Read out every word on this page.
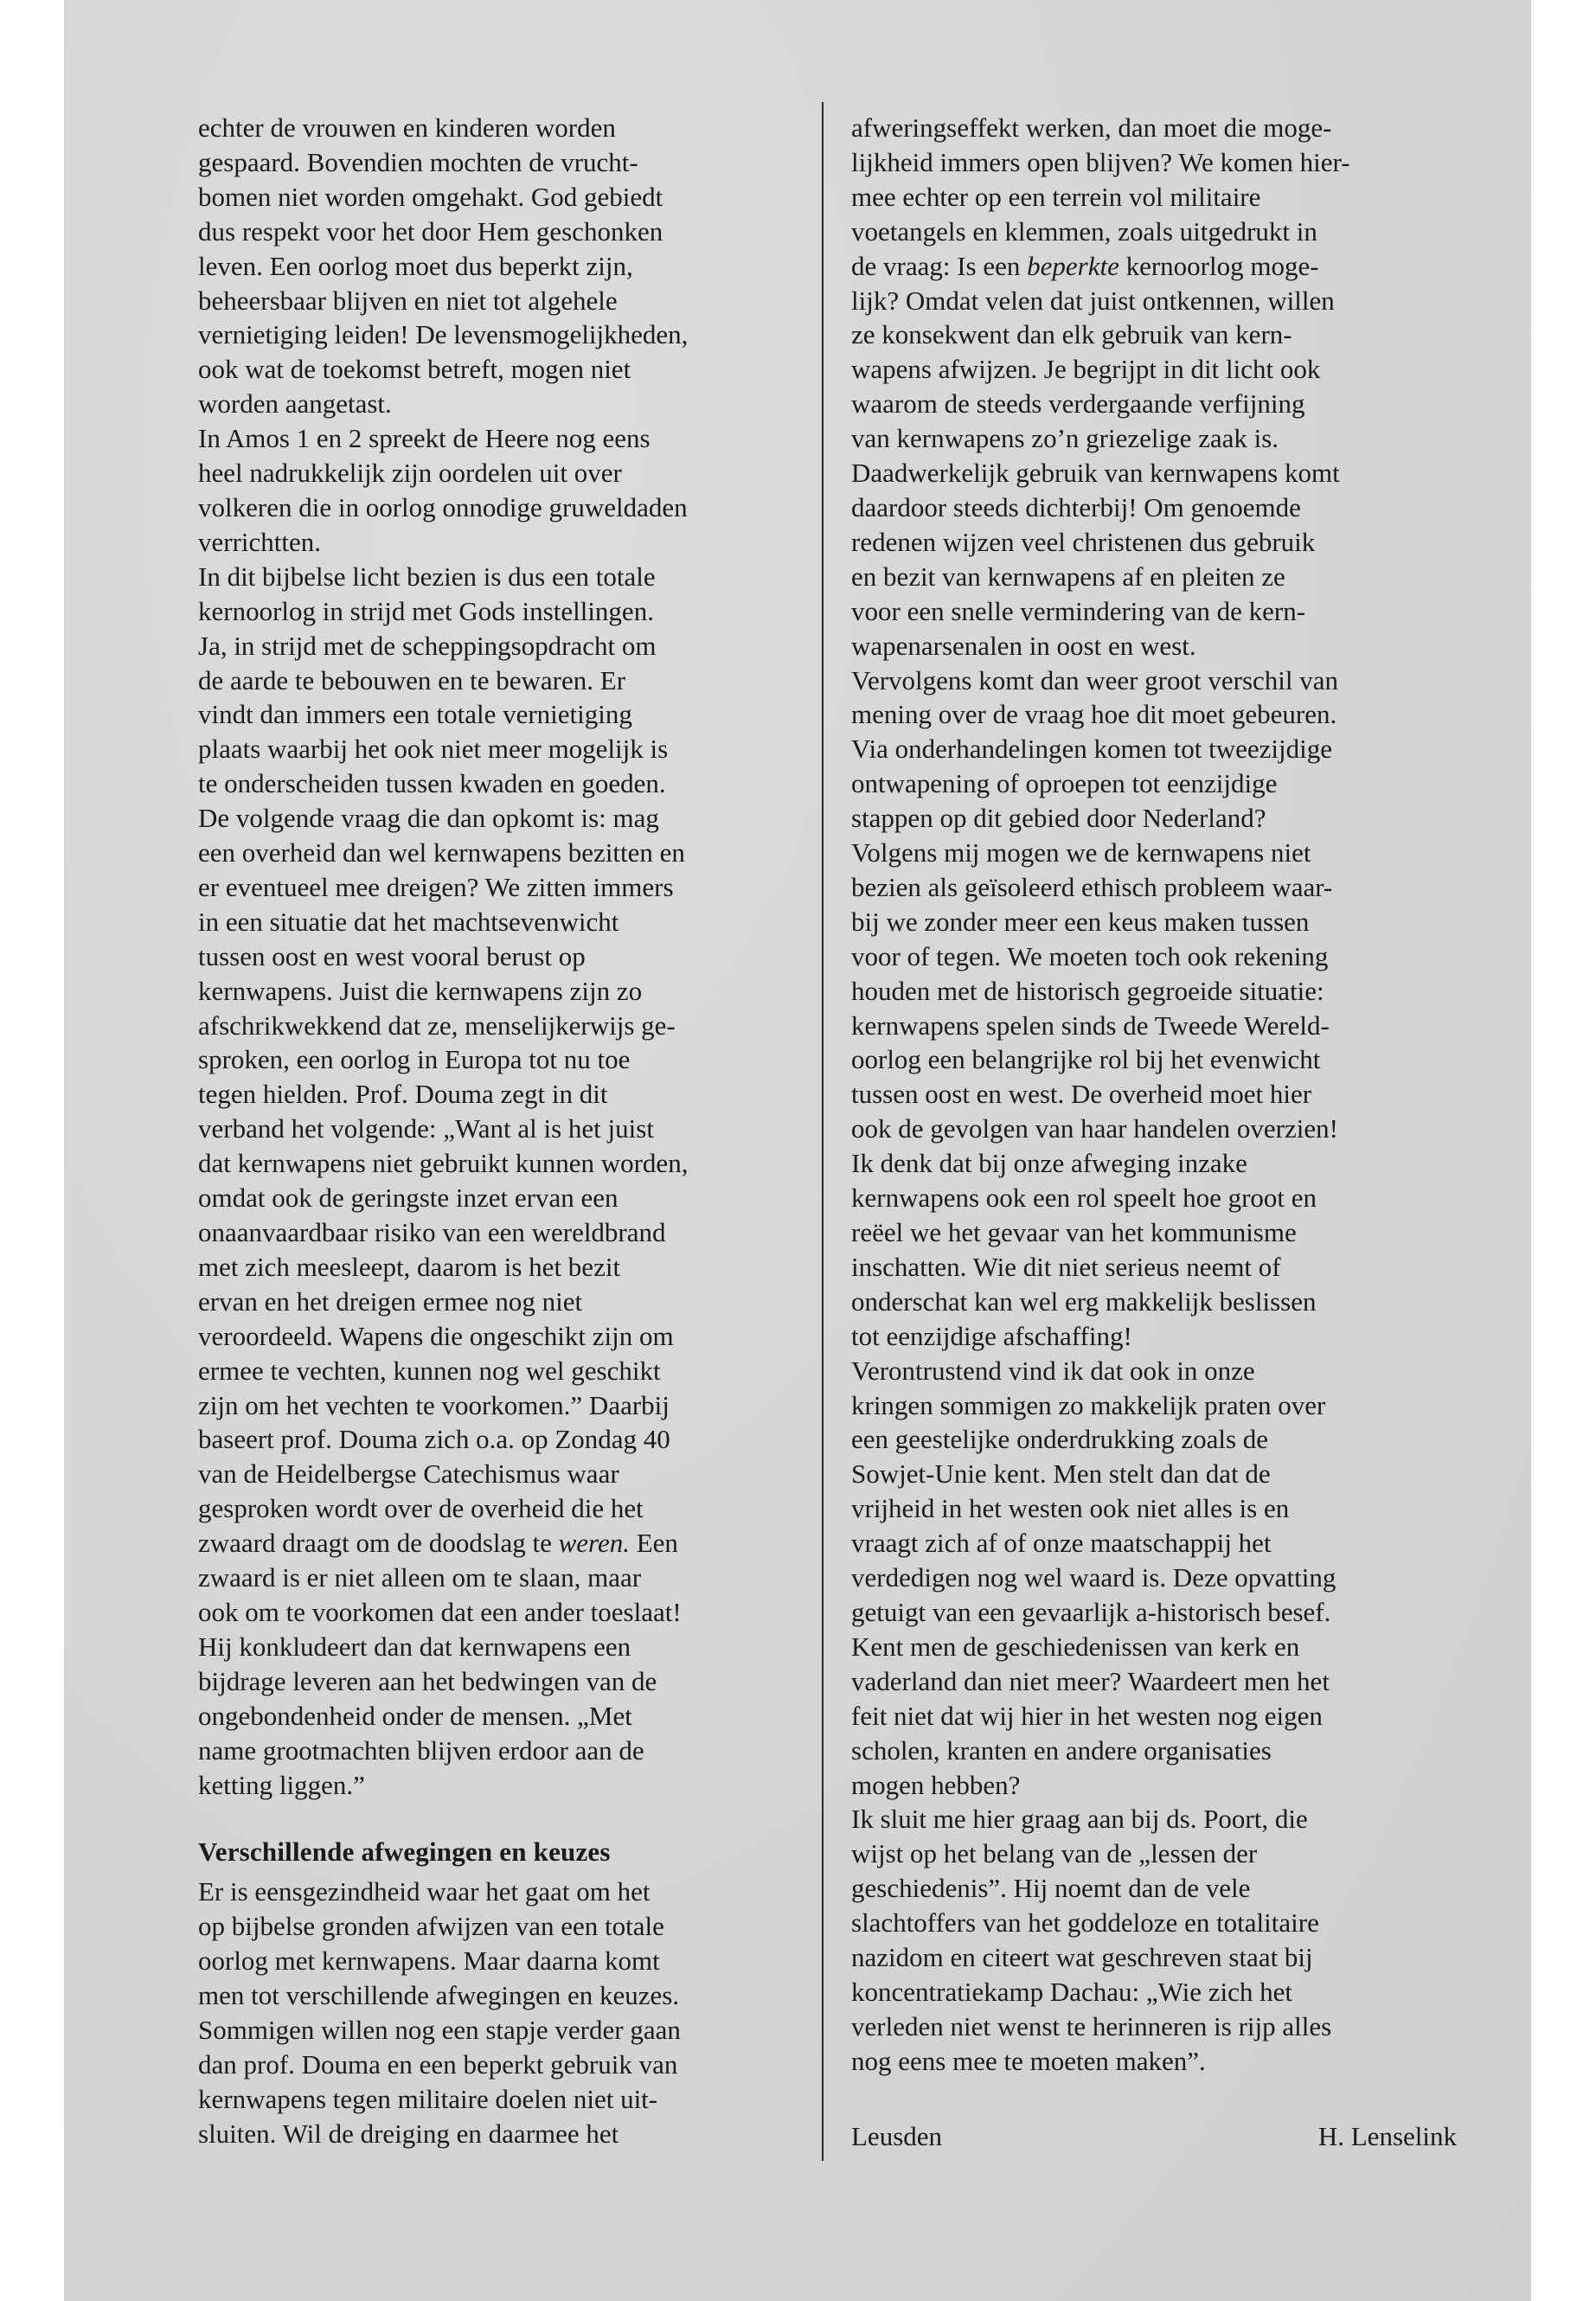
echter de vrouwen en kinderen worden
gespaard. Bovendien mochten de vrucht-
bomen niet worden omgehakt. God gebiedt
dus respekt voor het door Hem geschonken
leven. Een oorlog moet dus beperkt zijn,
beheersbaar blijven en niet tot algehele
vernietiging leiden! De levensmogelijkheden,
ook wat de toekomst betreft, mogen niet
worden aangetast.

In Amos 1 en 2 spreekt de Heere nog eens
heel nadrukkelijk zijn oordelen uit over
volkeren die in oorlog onnodige gruweldaden
verrichtten.

In dit bijbelse licht bezien is dus een totale
kernoorlog in strijd met Gods instellingen.
Ja, in strijd met de scheppingsopdracht om
de aarde te bebouwen en te bewaren. Er
vindt dan immers een totale vernietiging
plaats waarbij het ook niet meer mogelijk is
te onderscheiden tussen kwaden en goeden.

De volgende vraag die dan opkomt is: mag
een overheid dan wel kernwapens bezitten en
er eventueel mee dreigen? We zitten immers
in een situatie dat het machtsevenwicht
tussen oost en west vooral berust op
kernwapens. Juist die kernwapens zijn zo
afschrikwekkend dat ze, menselijkerwijs ge-
sproken, een oorlog in Europa tot nu toe
tegen hielden. Prof. Douma zegt in dit
verband het volgende: „Want al is het juist
dat kernwapens niet gebruikt kunnen worden,
omdat ook de geringste inzet ervan een
onaanvaardbaar risiko van een wereldbrand
met zich meesleept, daarom is het bezit
ervan en het dreigen ermee nog niet
veroordeeld. Wapens die ongeschikt zijn om
ermee te vechten, kunnen nog wel geschikt
zijn om het vechten te voorkomen.” Daarbij
baseert prof. Douma zich o.a. op Zondag 40
van de Heidelbergse Catechismus waar
gesproken wordt over de overheid die het
zwaard draagt om de doodslag te weren. Een
zwaard is er niet alleen om te slaan, maar
ook om te voorkomen dat een ander toeslaat!
Hij konkludeert dan dat kernwapens een
bijdrage leveren aan het bedwingen van de
ongebondenheid onder de mensen. „Met
name grootmachten blijven erdoor aan de
ketting liggen.”

Verschillende afwegingen en keuzes

Er is eensgezindheid waar het gaat om het
op bijbelse gronden afwijzen van een totale
oorlog met kernwapens. Maar daarna komt
men tot verschillende afwegingen en keuzes.
Sommigen willen nog een stapje verder gaan
dan prof. Douma en een beperkt gebruik van
kernwapens tegen militaire doelen niet uit-
sluiten. Wil de dreiging en daarmee het

afweringseffekt werken, dan moet die moge-
lijkheid immers open blijven? We komen hier-
mee echter op een terrein vol militaire
voetangels en klemmen, zoals uitgedrukt in
de vraag: Is een beperkte kernoorlog moge-
lijk? Omdat velen dat juist ontkennen, willen
ze konsekwent dan elk gebruik van kern-
wapens afwijzen. Je begrijpt in dit licht ook
waarom de steeds verdergaande verfijning
van kernwapens zo’n griezelige zaak is.
Daadwerkelijk gebruik van kernwapens komt
daardoor steeds dichterbij! Om genoemde
redenen wijzen veel christenen dus gebruik
en bezit van kernwapens af en pleiten ze
voor een snelle vermindering van de kern-
wapenarsenalen in oost en west.

Vervolgens komt dan weer groot verschil van
mening over de vraag hoe dit moet gebeuren.
Via onderhandelingen komen tot tweezijdige
ontwapening of oproepen tot eenzijdige
stappen op dit gebied door Nederland?

Volgens mij mogen we de kernwapens niet
bezien als geïsoleerd ethisch probleem waar-
bij we zonder meer een keus maken tussen
voor of tegen. We moeten toch ook rekening
houden met de historisch gegroeide situatie:
kernwapens spelen sinds de Tweede Wereld-
oorlog een belangrijke rol bij het evenwicht
tussen oost en west. De overheid moet hier
ook de gevolgen van haar handelen overzien!
Ik denk dat bij onze afweging inzake
kernwapens ook een rol speelt hoe groot en
reëel we het gevaar van het kommunisme
inschatten. Wie dit niet serieus neemt of
onderschat kan wel erg makkelijk beslissen
tot eenzijdige afschaffing!

Verontrustend vind ik dat ook in onze
kringen sommigen zo makkelijk praten over
een geestelijke onderdrukking zoals de
Sowjet-Unie kent. Men stelt dan dat de
vrijheid in het westen ook niet alles is en
vraagt zich af of onze maatschappij het
verdedigen nog wel waard is. Deze opvatting
getuigt van een gevaarlijk a-historisch besef.
Kent men de geschiedenissen van kerk en
vaderland dan niet meer? Waardeert men het
feit niet dat wij hier in het westen nog eigen
scholen, kranten en andere organisaties
mogen hebben?

Ik sluit me hier graag aan bij ds. Poort, die
wijst op het belang van de „lessen der
geschiedenis”. Hij noemt dan de vele
slachtoffers van het goddeloze en totalitaire
nazidom en citeert wat geschreven staat bij
koncentratiekamp Dachau: „Wie zich het
verleden niet wenst te herinneren is rijp alles
nog eens mee te moeten maken”.

Leusden	H. Lenselink
